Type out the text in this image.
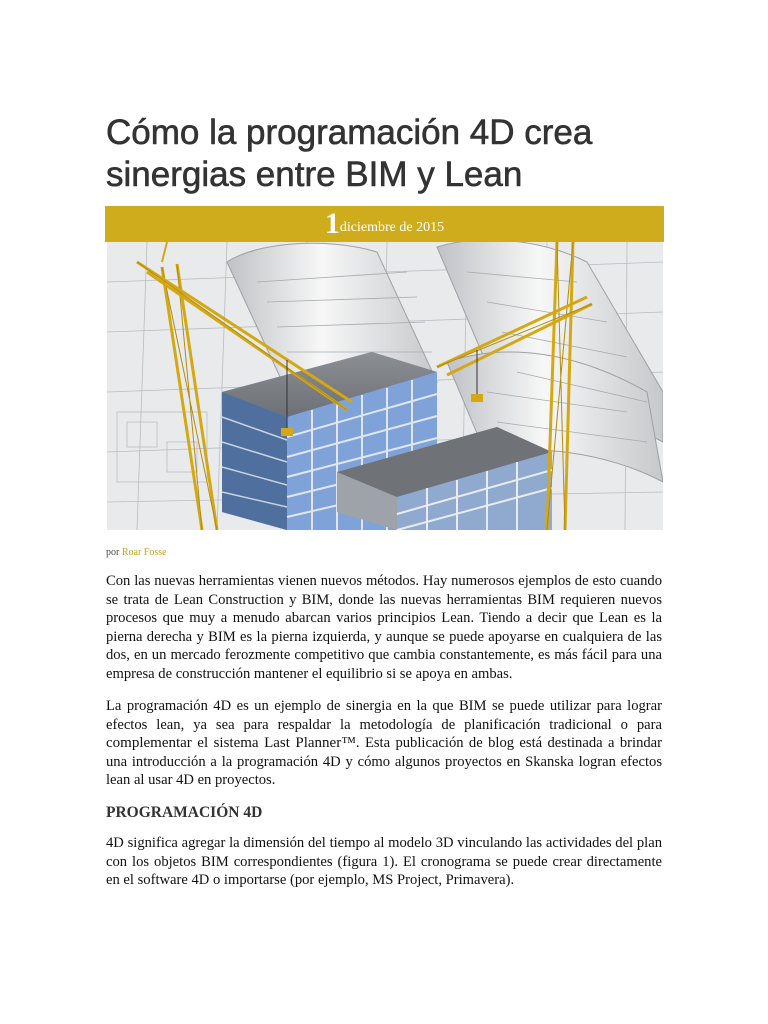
Cómo la programación 4D crea
sinergias entre BIM y Lean
1diciembre de 2015
por Roar Fosse

Con las nuevas herramientas vienen nuevos métodos. Hay numerosos ejemplos de esto cuando se trata de Lean Construction y BIM, donde las nuevas herramientas BIM requieren nuevos procesos que muy a menudo abarcan varios principios Lean. Tiendo a decir que Lean es la pierna derecha y BIM es la pierna izquierda, y aunque se puede apoyarse en cualquiera de las dos, en un mercado ferozmente competitivo que cambia constantemente, es más fácil para una empresa de construcción mantener el equilibrio si se apoya en ambas.

La programación 4D es un ejemplo de sinergia en la que BIM se puede utilizar para lograr efectos lean, ya sea para respaldar la metodología de planificación tradicional o para complementar el sistema Last Planner™. Esta publicación de blog está destinada a brindar una introducción a la programación 4D y cómo algunos proyectos en Skanska logran efectos lean al usar 4D en proyectos.

PROGRAMACIÓN 4D

4D significa agregar la dimensión del tiempo al modelo 3D vinculando las actividades del plan con los objetos BIM correspondientes (figura 1). El cronograma se puede crear directamente en el software 4D o importarse (por ejemplo, MS Project, Primavera).
